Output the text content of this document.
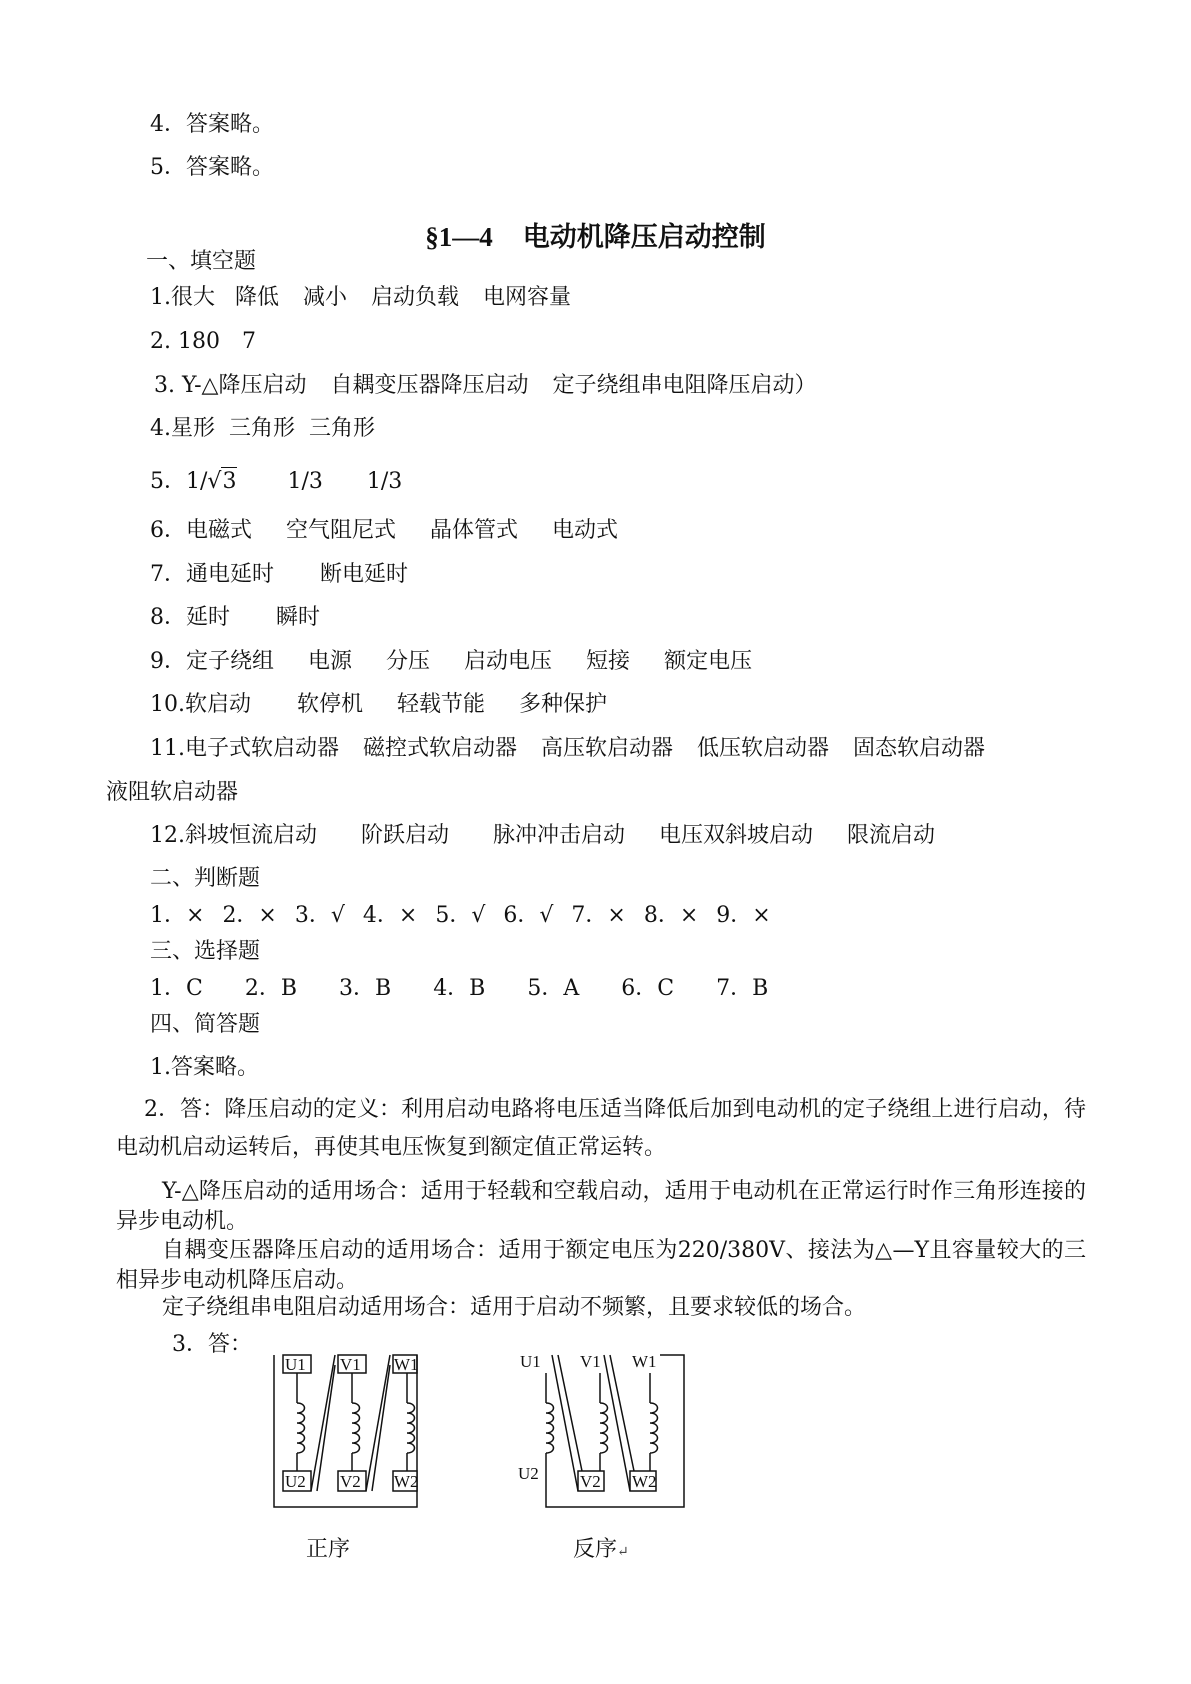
4．答案略。
5．答案略。
§1—4 电动机降压启动控制
一、填空题
1.很大 降低 减小 启动负载 电网容量
2. 180 7
3. Y-△降压启动 自耦变压器降压启动 定子绕组串电阻降压启动）
4.星形  三角形  三角形
5．1/√3 1/3 1/3
6．电磁式 空气阻尼式 晶体管式 电动式
7．通电延时 断电延时
8．延时 瞬时
9．定子绕组 电源 分压 启动电压 短接 额定电压
10.软启动 软停机 轻载节能 多种保护
11.电子式软启动器 磁控式软启动器 高压软启动器 低压软启动器 固态软启动器
液阻软启动器
12.斜坡恒流启动 阶跃启动 脉冲冲击启动 电压双斜坡启动 限流启动
二、判断题
1．× 2．× 3．√ 4．× 5．√ 6．√ 7．× 8．× 9．×
三、选择题
1．C 2．B 3．B 4．B 5．A 6．C 7．B
四、简答题
1.答案略。
2．答：降压启动的定义：利用启动电路将电压适当降低后加到电动机的定子绕组上进行启动，待电动机启动运转后，再使其电压恢复到额定值正常运转。
Y-△降压启动的适用场合：适用于轻载和空载启动，适用于电动机在正常运行时作三角形连接的异步电动机。
自耦变压器降压启动的适用场合：适用于额定电压为220/380V、接法为△—Y且容量较大的三相异步电动机降压启动。
定子绕组串电阻启动适用场合：适用于启动不频繁，且要求较低的场合。
3．答：
U1 V1 W1
U2 V2 W2
U1 V1 W1
U2 V2 W2
正序	反序↵
